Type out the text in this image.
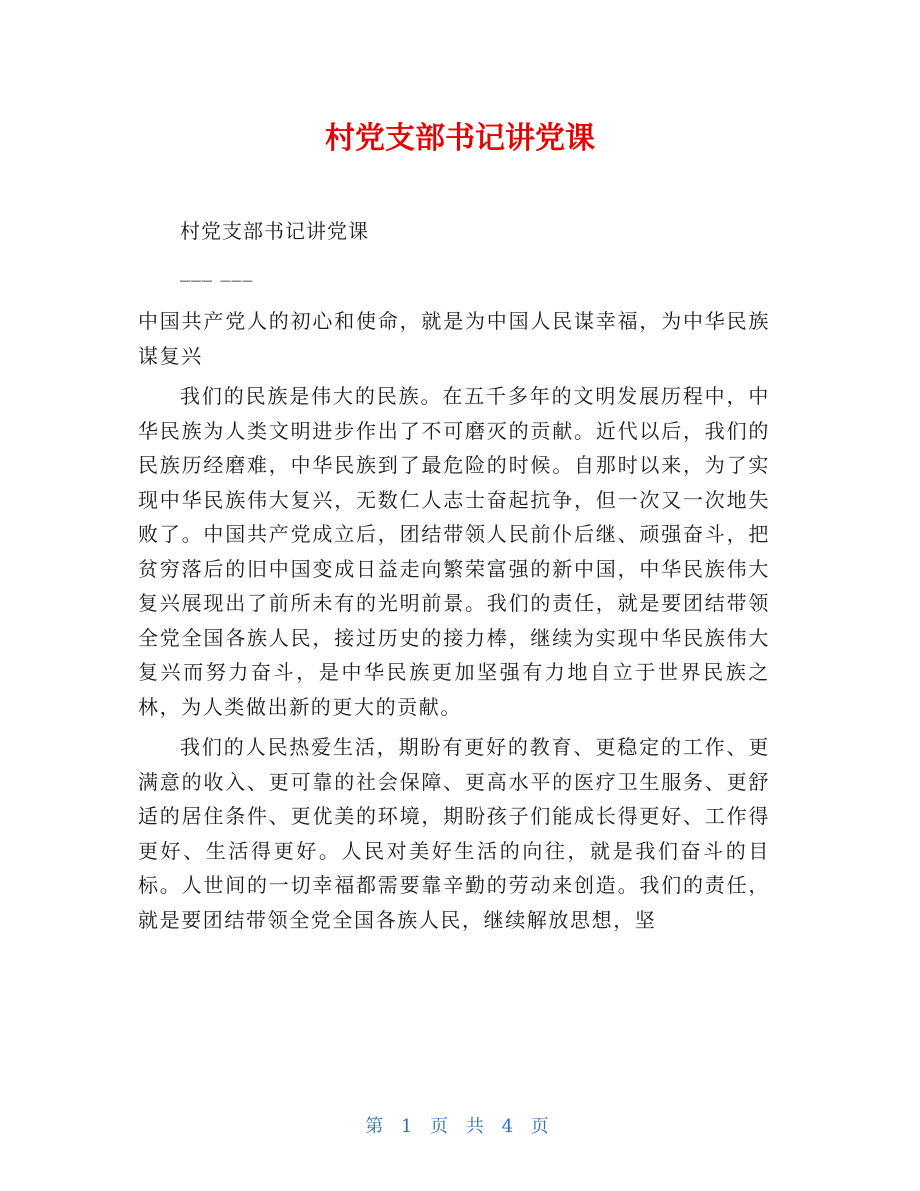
村党支部书记讲党课

村党支部书记讲党课

___ ___

中国共产党人的初心和使命，就是为中国人民谋幸福，为中华民族谋复兴

我们的民族是伟大的民族。在五千多年的文明发展历程中，中华民族为人类文明进步作出了不可磨灭的贡献。近代以后，我们的民族历经磨难，中华民族到了最危险的时候。自那时以来，为了实现中华民族伟大复兴，无数仁人志士奋起抗争，但一次又一次地失败了。中国共产党成立后，团结带领人民前仆后继、顽强奋斗，把贫穷落后的旧中国变成日益走向繁荣富强的新中国，中华民族伟大复兴展现出了前所未有的光明前景。我们的责任，就是要团结带领全党全国各族人民，接过历史的接力棒，继续为实现中华民族伟大复兴而努力奋斗，是中华民族更加坚强有力地自立于世界民族之林，为人类做出新的更大的贡献。

我们的人民热爱生活，期盼有更好的教育、更稳定的工作、更满意的收入、更可靠的社会保障、更高水平的医疗卫生服务、更舒适的居住条件、更优美的环境，期盼孩子们能成长得更好、工作得更好、生活得更好。人民对美好生活的向往，就是我们奋斗的目标。人世间的一切幸福都需要靠辛勤的劳动来创造。我们的责任，就是要团结带领全党全国各族人民，继续解放思想，坚

第 1 页 共 4 页
